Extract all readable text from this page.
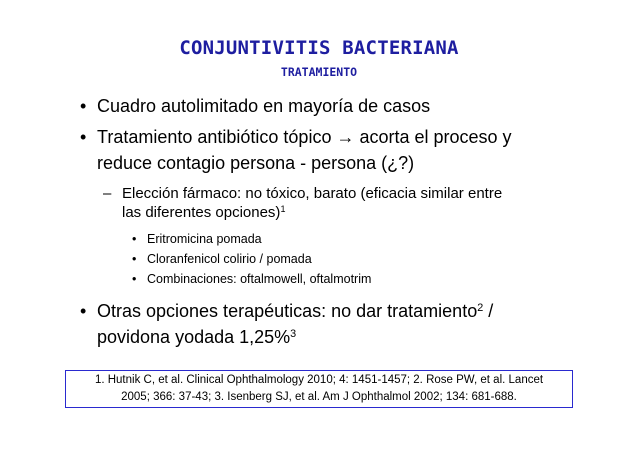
CONJUNTIVITIS BACTERIANA
TRATAMIENTO
• Cuadro autolimitado en mayoría de casos
• Tratamiento antibiótico tópico → acorta el proceso y
reduce contagio persona - persona (¿?)
– Elección fármaco: no tóxico, barato (eficacia similar entre
las diferentes opciones)$^1$
• Eritromicina pomada
• Cloranfenicol colirio / pomada
• Combinaciones: oftalmowell, oftalmotrim
• Otras opciones terapéuticas: no dar tratamiento$^2$ /
povidona yodada 1,25%$^3$
1. Hutnik C, et al. Clinical Ophthalmology 2010; 4: 1451-1457; 2. Rose PW, et al. Lancet
2005; 366: 37-43; 3. Isenberg SJ, et al. Am J Ophthalmol 2002; 134: 681-688.
